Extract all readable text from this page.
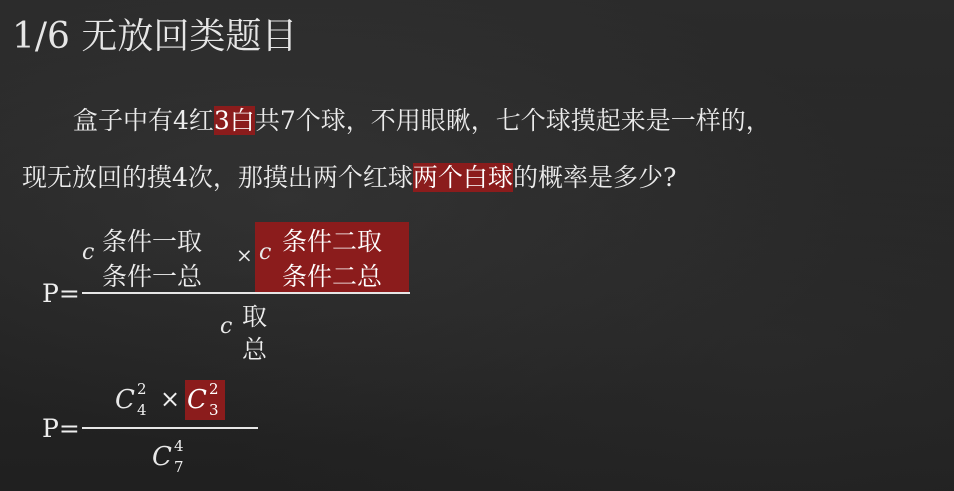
1/6 无放回类题目
盒子中有4红3白共7个球，不用眼瞅，七个球摸起来是一样的，
现无放回的摸4次，那摸出两个红球两个白球的概率是多少?
P=
c 条件一取
条件一总
× c 条件二取
条件二总
c 取
总
P=
C 2
4 × C 2
3
C 4
7
